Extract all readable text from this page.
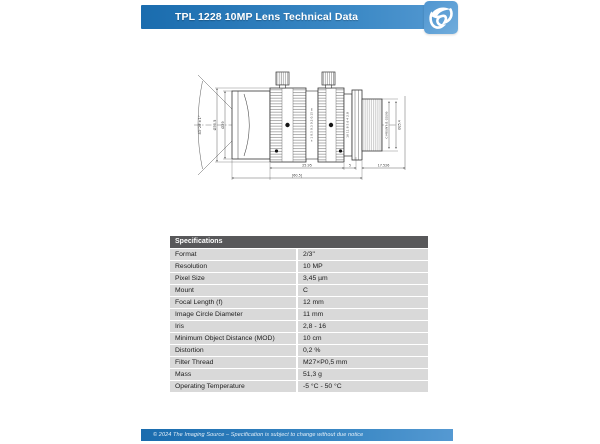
TPL 1228 10MP Lens Technical Data
43°28'±1°	Ø30.5 Ø29	∞ 1 0.5 0.3 0.2 0.15 m	16 11 8 5.6 4 2.8	C-MOUNT (1-32UN)	Ø25.4
25.95	5	17.526
[60.5]
Specifications
Format	2/3"
Resolution	10 MP
Pixel Size	3,45 µm
Mount	C
Focal Length (f)	12 mm
Image Circle Diameter	11 mm
Iris	2,8 - 16
Minimum Object Distance (MOD)	10 cm
Distortion	0,2 %
Filter Thread	M27×P0,5 mm
Mass	51,3 g
Operating Temperature	-5 °C - 50 °C
© 2024 The Imaging Source – Specification is subject to change without due notice
